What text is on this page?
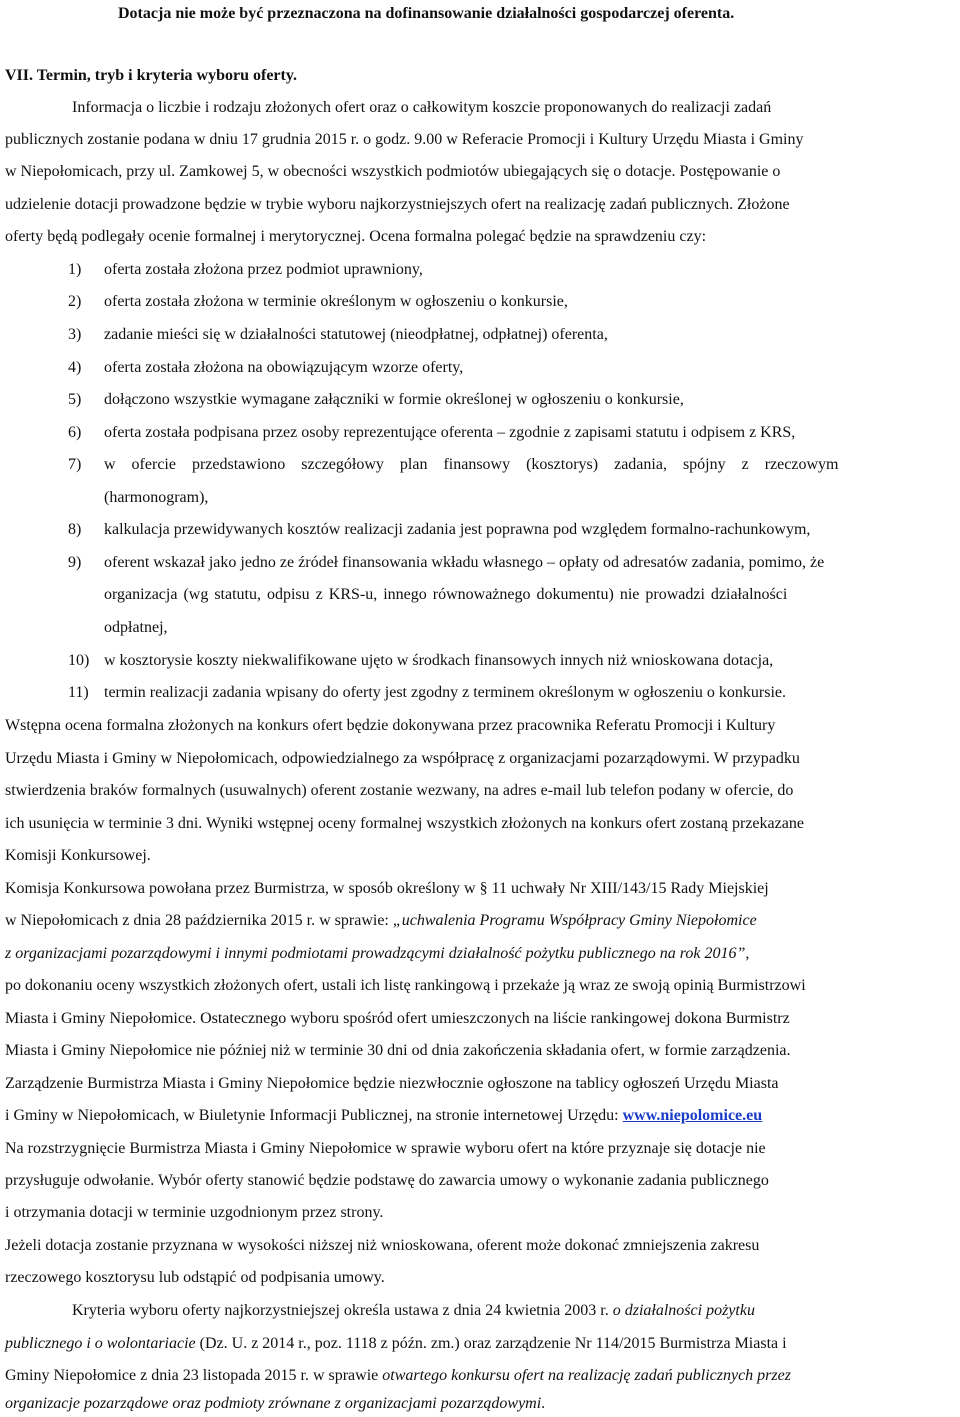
Dotacja nie może być przeznaczona na dofinansowanie działalności gospodarczej oferenta.
VII. Termin, tryb i kryteria wyboru oferty.
Informacja o liczbie i rodzaju złożonych ofert oraz o całkowitym koszcie proponowanych do realizacji zadań
publicznych zostanie podana w dniu 17 grudnia 2015 r. o godz. 9.00 w Referacie Promocji i Kultury Urzędu Miasta i Gminy
w Niepołomicach, przy ul. Zamkowej 5, w obecności wszystkich podmiotów ubiegających się o dotacje. Postępowanie o
udzielenie dotacji prowadzone będzie w trybie wyboru najkorzystniejszych ofert na realizację zadań publicznych. Złożone
oferty będą podlegały ocenie formalnej i merytorycznej. Ocena formalna polegać będzie na sprawdzeniu czy:
1) oferta została złożona przez podmiot uprawniony,
2) oferta została złożona w terminie określonym w ogłoszeniu o konkursie,
3) zadanie mieści się w działalności statutowej (nieodpłatnej, odpłatnej) oferenta,
4) oferta została złożona na obowiązującym wzorze oferty,
5) dołączono wszystkie wymagane załączniki w formie określonej w ogłoszeniu o konkursie,
6) oferta została podpisana przez osoby reprezentujące oferenta – zgodnie z zapisami statutu i odpisem z KRS,
7) w ofercie przedstawiono szczegółowy plan finansowy (kosztorys) zadania, spójny z rzeczowym
(harmonogram),
8) kalkulacja przewidywanych kosztów realizacji zadania jest poprawna pod względem formalno-rachunkowym,
9) oferent wskazał jako jedno ze źródeł finansowania wkładu własnego – opłaty od adresatów zadania, pomimo, że
organizacja (wg statutu, odpisu z KRS-u, innego równoważnego dokumentu) nie prowadzi działalności
odpłatnej,
10) w kosztorysie koszty niekwalifikowane ujęto w środkach finansowych innych niż wnioskowana dotacja,
11) termin realizacji zadania wpisany do oferty jest zgodny z terminem określonym w ogłoszeniu o konkursie.
Wstępna ocena formalna złożonych na konkurs ofert będzie dokonywana przez pracownika Referatu Promocji i Kultury
Urzędu Miasta i Gminy w Niepołomicach, odpowiedzialnego za współpracę z organizacjami pozarządowymi. W przypadku
stwierdzenia braków formalnych (usuwalnych) oferent zostanie wezwany, na adres e-mail lub telefon podany w ofercie, do
ich usunięcia w terminie 3 dni. Wyniki wstępnej oceny formalnej wszystkich złożonych na konkurs ofert zostaną przekazane
Komisji Konkursowej.
Komisja Konkursowa powołana przez Burmistrza, w sposób określony w § 11 uchwały Nr XIII/143/15 Rady Miejskiej
w Niepołomicach z dnia 28 października 2015 r. w sprawie: „uchwalenia Programu Współpracy Gminy Niepołomice
z organizacjami pozarządowymi i innymi podmiotami prowadzącymi działalność pożytku publicznego na rok 2016”,
po dokonaniu oceny wszystkich złożonych ofert, ustali ich listę rankingową i przekaże ją wraz ze swoją opinią Burmistrzowi
Miasta i Gminy Niepołomice. Ostatecznego wyboru spośród ofert umieszczonych na liście rankingowej dokona Burmistrz
Miasta i Gminy Niepołomice nie później niż w terminie 30 dni od dnia zakończenia składania ofert, w formie zarządzenia.
Zarządzenie Burmistrza Miasta i Gminy Niepołomice będzie niezwłocznie ogłoszone na tablicy ogłoszeń Urzędu Miasta
i Gminy w Niepołomicach, w Biuletynie Informacji Publicznej, na stronie internetowej Urzędu: www.niepolomice.eu
Na rozstrzygnięcie Burmistrza Miasta i Gminy Niepołomice w sprawie wyboru ofert na które przyznaje się dotacje nie
przysługuje odwołanie. Wybór oferty stanowić będzie podstawę do zawarcia umowy o wykonanie zadania publicznego
i otrzymania dotacji w terminie uzgodnionym przez strony.
Jeżeli dotacja zostanie przyznana w wysokości niższej niż wnioskowana, oferent może dokonać zmniejszenia zakresu
rzeczowego kosztorysu lub odstąpić od podpisania umowy.
Kryteria wyboru oferty najkorzystniejszej określa ustawa z dnia 24 kwietnia 2003 r. o działalności pożytku
publicznego i o wolontariacie (Dz. U. z 2014 r., poz. 1118 z późn. zm.) oraz zarządzenie Nr 114/2015 Burmistrza Miasta i
Gminy Niepołomice z dnia 23 listopada 2015 r. w sprawie otwartego konkursu ofert na realizację zadań publicznych przez
organizacje pozarządowe oraz podmioty zrównane z organizacjami pozarządowymi.
